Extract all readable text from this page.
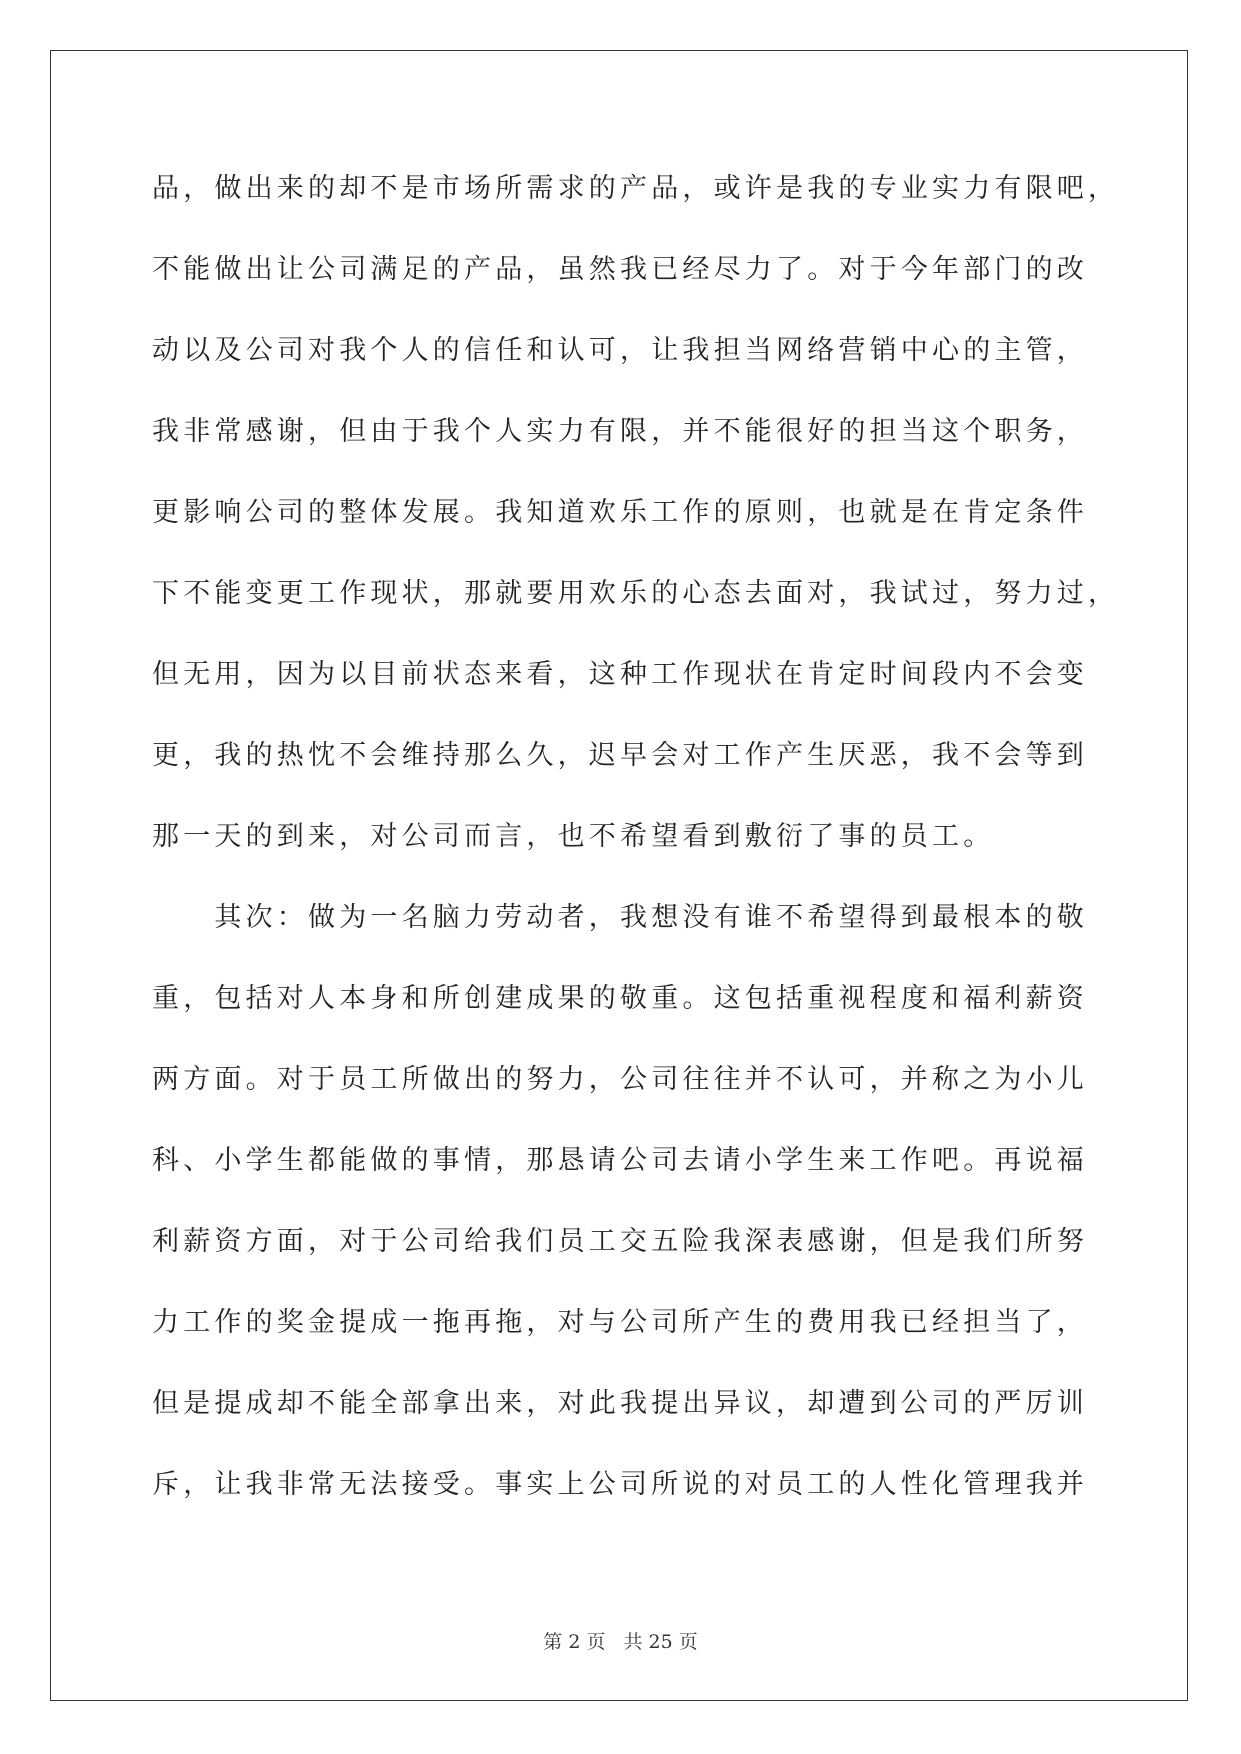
品，做出来的却不是市场所需求的产品，或许是我的专业实力有限吧，
不能做出让公司满足的产品，虽然我已经尽力了。对于今年部门的改
动以及公司对我个人的信任和认可，让我担当网络营销中心的主管，
我非常感谢，但由于我个人实力有限，并不能很好的担当这个职务，
更影响公司的整体发展。我知道欢乐工作的原则，也就是在肯定条件
下不能变更工作现状，那就要用欢乐的心态去面对，我试过，努力过，
但无用，因为以目前状态来看，这种工作现状在肯定时间段内不会变
更，我的热忱不会维持那么久，迟早会对工作产生厌恶，我不会等到
那一天的到来，对公司而言，也不希望看到敷衍了事的员工。
　　其次：做为一名脑力劳动者，我想没有谁不希望得到最根本的敬
重，包括对人本身和所创建成果的敬重。这包括重视程度和福利薪资
两方面。对于员工所做出的努力，公司往往并不认可，并称之为小儿
科、小学生都能做的事情，那恳请公司去请小学生来工作吧。再说福
利薪资方面，对于公司给我们员工交五险我深表感谢，但是我们所努
力工作的奖金提成一拖再拖，对与公司所产生的费用我已经担当了，
但是提成却不能全部拿出来，对此我提出异议，却遭到公司的严厉训
斥，让我非常无法接受。事实上公司所说的对员工的人性化管理我并
第 2 页 共 25 页
